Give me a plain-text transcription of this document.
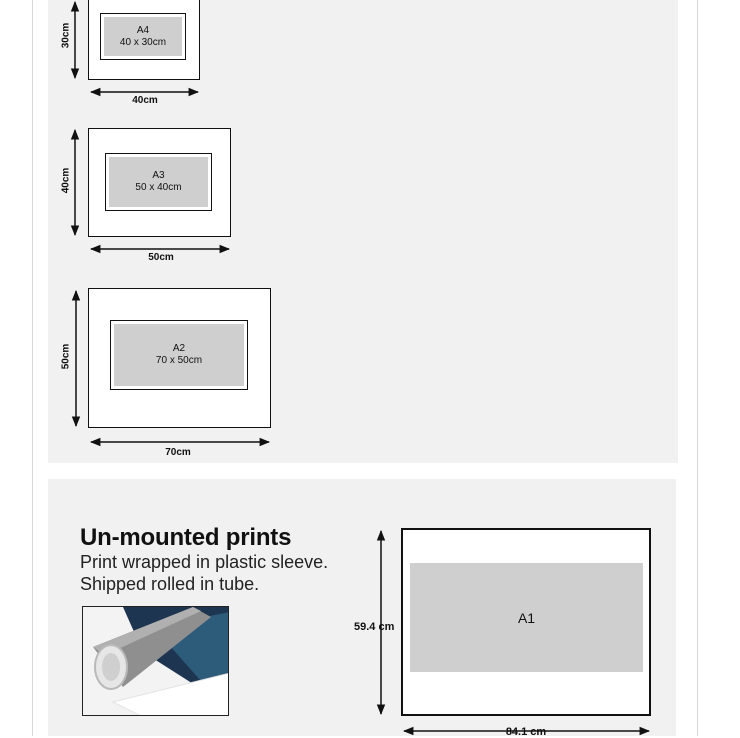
A4
40 x 30cm
30cm
40cm
A3
50 x 40cm
40cm
50cm
A2
70 x 50cm
50cm
70cm
Un-mounted prints
Print wrapped in plastic sleeve.
Shipped rolled in tube.
A1
59.4 cm
84.1 cm
